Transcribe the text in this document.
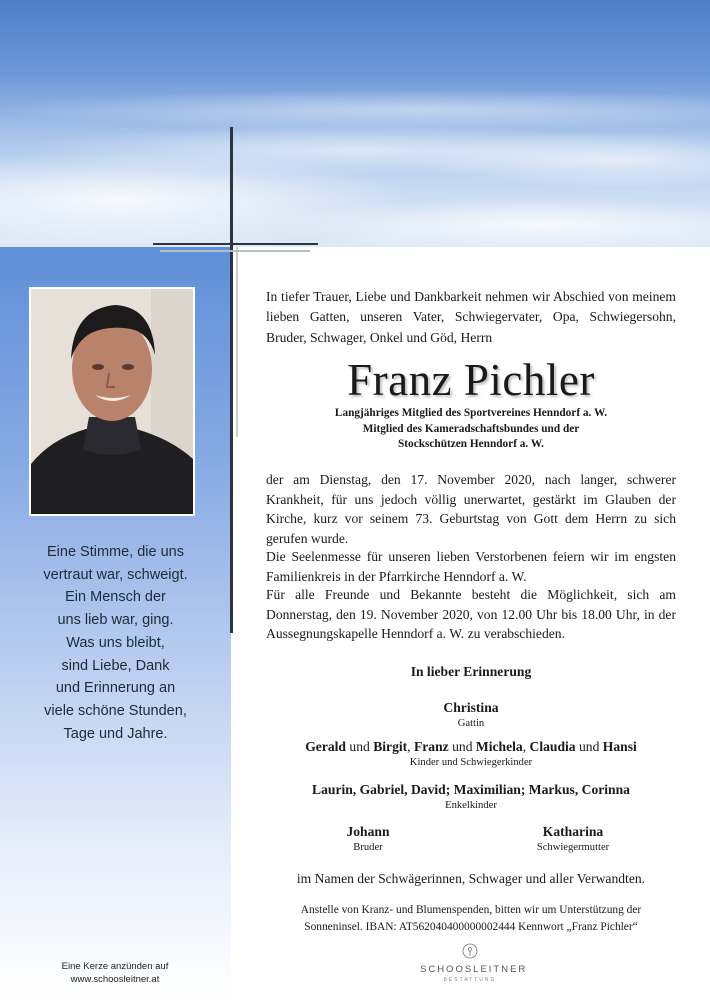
Eine Stimme, die uns
vertraut war, schweigt.
Ein Mensch der
uns lieb war, ging.
Was uns bleibt,
sind Liebe, Dank
und Erinnerung an
viele schöne Stunden,
Tage und Jahre.
Eine Kerze anzünden auf
www.schoosleitner.at
In tiefer Trauer, Liebe und Dankbarkeit nehmen wir Abschied von meinem lieben Gatten, unseren Vater, Schwiegervater, Opa, Schwiegersohn, Bruder, Schwager, Onkel und Göd, Herrn
Franz Pichler
Langjähriges Mitglied des Sportvereines Henndorf a. W.
Mitglied des Kameradschaftsbundes und der
Stockschützen Henndorf a. W.
der am Dienstag, den 17. November 2020, nach langer, schwerer Krankheit, für uns jedoch völlig unerwartet, gestärkt im Glauben der Kirche, kurz vor seinem 73. Geburtstag von Gott dem Herrn zu sich gerufen wurde.
Die Seelenmesse für unseren lieben Verstorbenen feiern wir im engsten Familienkreis in der Pfarrkirche Henndorf a. W.
Für alle Freunde und Bekannte besteht die Möglichkeit, sich am Donnerstag, den 19. November 2020, von 12.00 Uhr bis 18.00 Uhr, in der Aussegnungskapelle Henndorf a. W. zu verabschieden.
In lieber Erinnerung
Christina
Gattin
Gerald und Birgit, Franz und Michela, Claudia und Hansi
Kinder und Schwiegerkinder
Laurin, Gabriel, David; Maximilian; Markus, Corinna
Enkelkinder
Johann
Bruder
Katharina
Schwiegermutter
im Namen der Schwägerinnen, Schwager und aller Verwandten.
Anstelle von Kranz- und Blumenspenden, bitten wir um Unterstützung der
Sonneninsel. IBAN: AT562040400000002444 Kennwort „Franz Pichler“
SCHOOSLEITNER
BESTATTUNG
